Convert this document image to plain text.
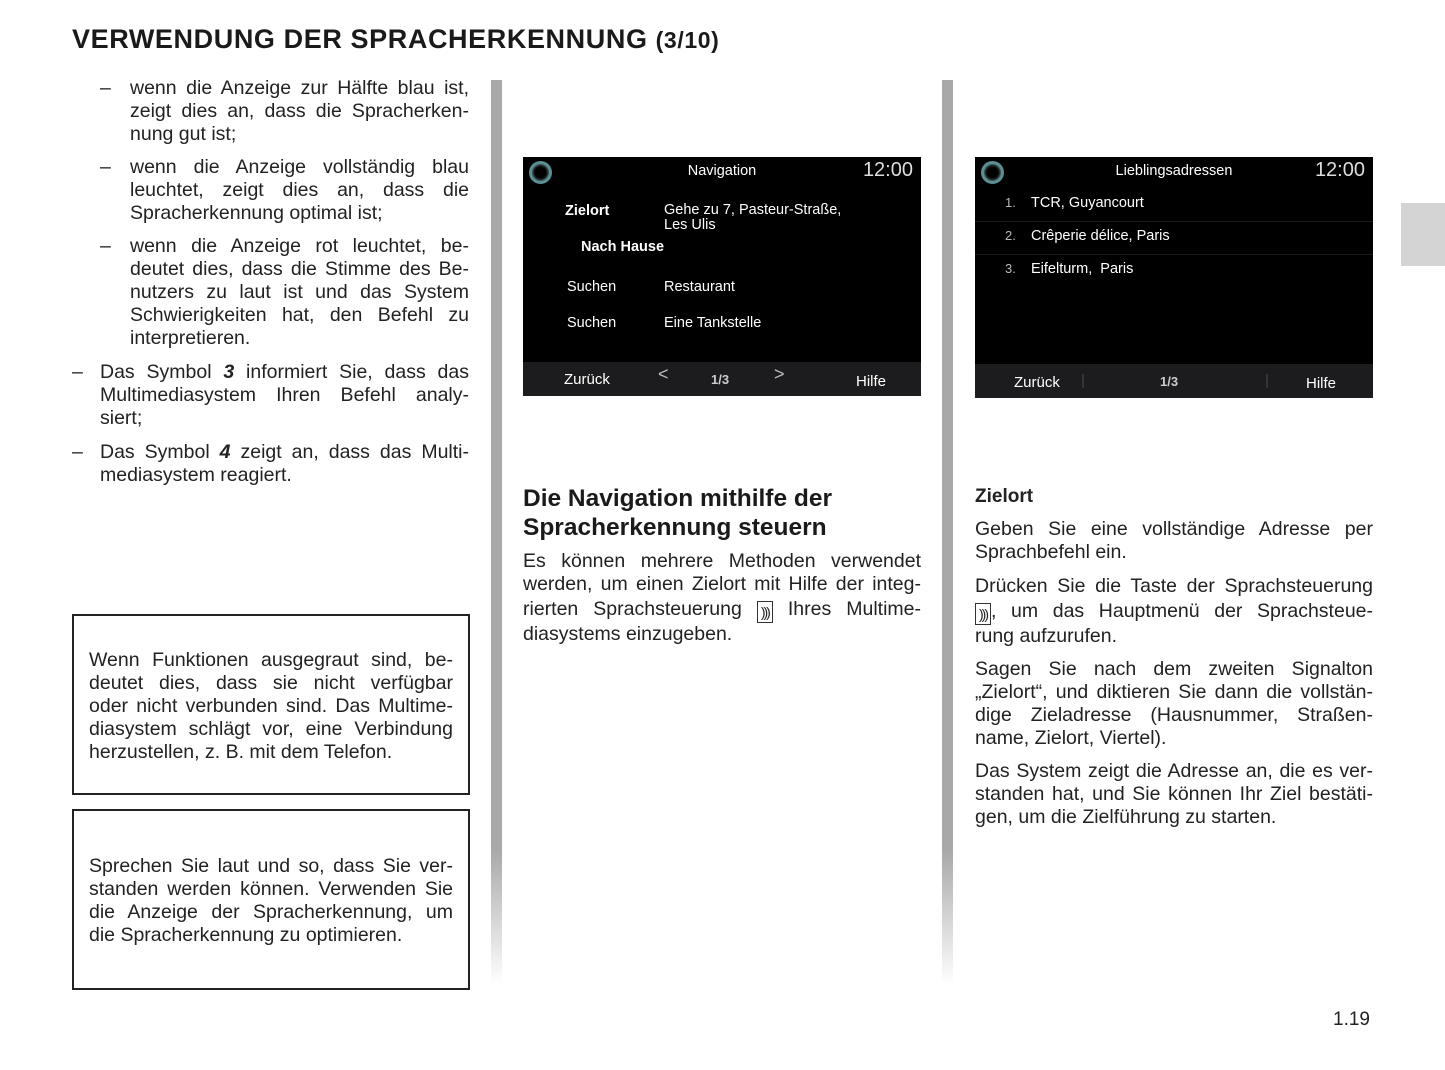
VERWENDUNG DER SPRACHERKENNUNG (3/10)
– wenn die Anzeige zur Hälfte blau ist,
zeigt dies an, dass die Spracherken-
nung gut ist;
– wenn die Anzeige vollständig blau
leuchtet, zeigt dies an, dass die
Spracherkennung optimal ist;
– wenn die Anzeige rot leuchtet, be-
deutet dies, dass die Stimme des Be-
nutzers zu laut ist und das System
Schwierigkeiten hat, den Befehl zu
interpretieren.
– Das Symbol 3 informiert Sie, dass das
Multimediasystem Ihren Befehl analy-
siert;
– Das Symbol 4 zeigt an, dass das Multi-
mediasystem reagiert.
Wenn Funktionen ausgegraut sind, be-
deutet dies, dass sie nicht verfügbar
oder nicht verbunden sind. Das Multime-
diasystem schlägt vor, eine Verbindung
herzustellen, z. B. mit dem Telefon.
Sprechen Sie laut und so, dass Sie ver-
standen werden können. Verwenden Sie
die Anzeige der Spracherkennung, um
die Spracherkennung zu optimieren.
Navigation	12:00
Zielort	Gehe zu 7, Pasteur-Straße,
Les Ulis
Nach Hause
Suchen	Restaurant
Suchen	Eine Tankstelle
Zurück	<	1/3 >	Hilfe
Lieblingsadressen	12:00
1. TCR, Guyancourt
2. Crêperie délice, Paris
3. Eifelturm,  Paris
Zurück |	1/3	| Hilfe
Die Navigation mithilfe der
Spracherkennung steuern
Es können mehrere Methoden verwendet
werden, um einen Zielort mit Hilfe der integ-
rierten Sprachsteuerung ))) Ihres Multime-
diasystems einzugeben.
Zielort
Geben Sie eine vollständige Adresse per
Sprachbefehl ein.
Drücken Sie die Taste der Sprachsteuerung
))) , um das Hauptmenü der Sprachsteue-
rung aufzurufen.
Sagen Sie nach dem zweiten Signalton
„Zielort“, und diktieren Sie dann die vollstän-
dige Zieladresse (Hausnummer, Straßen-
name, Zielort, Viertel).
Das System zeigt die Adresse an, die es ver-
standen hat, und Sie können Ihr Ziel bestäti-
gen, um die Zielführung zu starten.
1.19
